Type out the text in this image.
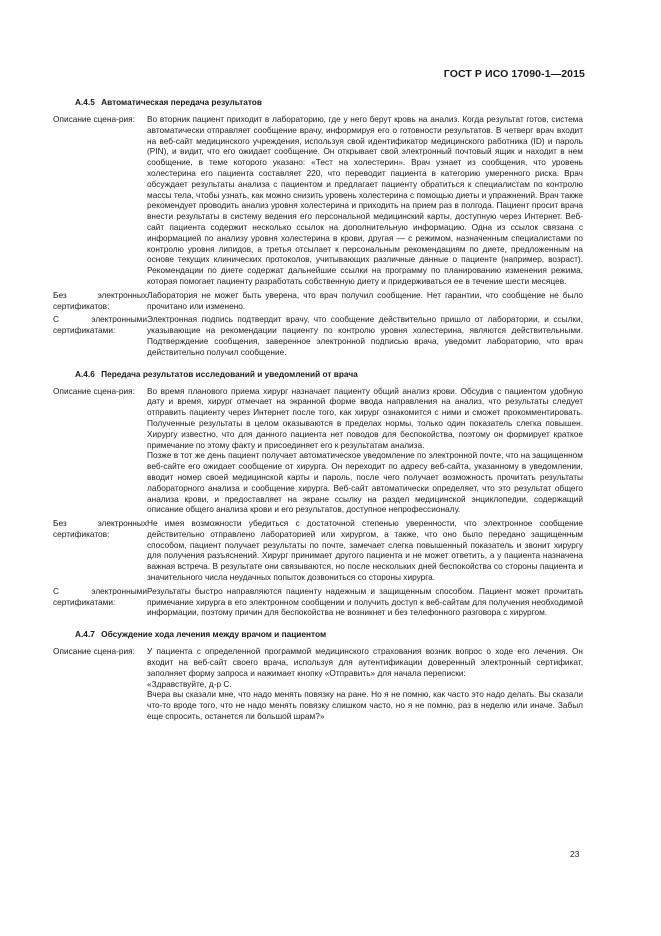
ГОСТ Р ИСО 17090-1—2015
А.4.5 Автоматическая передача результатов
Описание сцена-рия:	Во вторник пациент приходит в лабораторию, где у него берут кровь на анализ. Когда результат готов, система автоматически отправляет сообщение врачу, информируя его о готовности результатов. В четверг врач входит на веб-сайт медицинского учреждения, используя свой идентификатор медицинского работника (ID) и пароль (PIN), и видит, что его ожидает сообщение. Он открывает свой электронный почтовый ящик и находит в нем сообщение, в теме которого указано: «Тест на холестерин». Врач узнает из сообщения, что уровень холестерина его пациента составляет 220, что переводит пациента в категорию умеренного риска. Врач обсуждает результаты анализа с пациентом и предлагает пациенту обратиться к специалистам по контролю массы тела, чтобы узнать, как можно снизить уровень холестерина с помощью диеты и упражнений. Врач также рекомендует проводить анализ уровня холестерина и приходить на прием раз в полгода. Пациент просит врача внести результаты в систему ведения его персональной медицинский карты, доступную через Интернет. Веб-сайт пациента содержит несколько ссылок на дополнительную информацию. Одна из ссылок связана с информацией по анализу уровня холестерина в крови, другая — с режимом, назначенным специалистами по контролю уровня липидов, а третья отсылает к персональным рекомендациям по диете, предложенным на основе текущих клинических протоколов, учитывающих различные данные о пациенте (например, возраст). Рекомендации по диете содержат дальнейшие ссылки на программу по планированию изменения режима, которая помогает пациенту разработать собственную диету и придерживаться ее в течение шести месяцев.

Без электронных сертификатов:

Лаборатория не может быть уверена, что врач получил сообщение. Нет гарантии, что сообщение не было прочитано или изменено.

С электронными сертификатами:

Электронная подпись подтвердит врачу, что сообщение действительно пришло от лаборатории, и ссылки, указывающие на рекомендации пациенту по контролю уровня холестерина, являются действительными. Подтверждение сообщения, заверенное электронной подписью врача, уведомит лабораторию, что врач действительно получил сообщение.

А.4.6 Передача результатов исследований и уведомлений от врача
Описание сцена-рия:	Во время планового приема хирург назначает пациенту общий анализ крови. Обсудив с пациентом удобную дату и время, хирург отмечает на экранной форме ввода направления на анализ, что результаты следует отправить пациенту через Интернет после того, как хирург ознакомится с ними и сможет прокомментировать. Полученные результаты в целом оказываются в пределах нормы, только один показатель слегка повышен. Хирургу известно, что для данного пациента нет поводов для беспокойства, поэтому он формирует краткое примечание по этому факту и присоединяет его к результатам анализа.

Позже в тот же день пациент получает автоматическое уведомление по электронной почте, что на защищенном веб-сайте его ожидает сообщение от хирурга. Он переходит по адресу веб-сайта, указанному в уведомлении, вводит номер своей медицинской карты и пароль, после чего получает возможность прочитать результаты лабораторного анализа и сообщение хирурга. Веб-сайт автоматически определяет, что это результат общего анализа крови, и предоставляет на экране ссылку на раздел медицинской энциклопедии, содержащий описание общего анализа крови и его результатов, доступное непрофессионалу.

Без электронных сертификатов:

Не имея возможности убедиться с достаточной степенью уверенности, что электронное сообщение действительно отправлено лабораторией или хирургом, а также, что оно было передано защищенным способом, пациент получает результаты по почте, замечает слегка повышенный показатель и звонит хирургу для получения разъяснений. Хирург принимает другого пациента и не может ответить, а у пациента назначена важная встреча. В результате они связываются, но после нескольких дней беспокойства со стороны пациента и значительного числа неудачных попыток дозвониться со стороны хирурга.

С электронными сертификатами:

Результаты быстро направляются пациенту надежным и защищенным способом. Пациент может прочитать примечание хирурга в его электронном сообщении и получить доступ к веб-сайтам для получения необходимой информации, поэтому причин для беспокойства не возникнет и без телефонного разговора с хирургом.

А.4.7 Обсуждение хода лечения между врачом и пациентом
Описание сцена-рия:	У пациента с определенной программой медицинского страхования возник вопрос о ходе его лечения. Он входит на веб-сайт своего врача, используя для аутентификации доверенный электронный сертификат, заполняет форму запроса и нажимает кнопку «Отправить» для начала переписки:

«Здравствуйте, д-р С.

Вчера вы сказали мне, что надо менять повязку на ране. Но я не помню, как часто это надо делать. Вы сказали что-то вроде того, что не надо менять повязку слишком часто, но я не помню, раз в неделю или иначе. Забыл еще спросить, останется ли большой шрам?»

23
